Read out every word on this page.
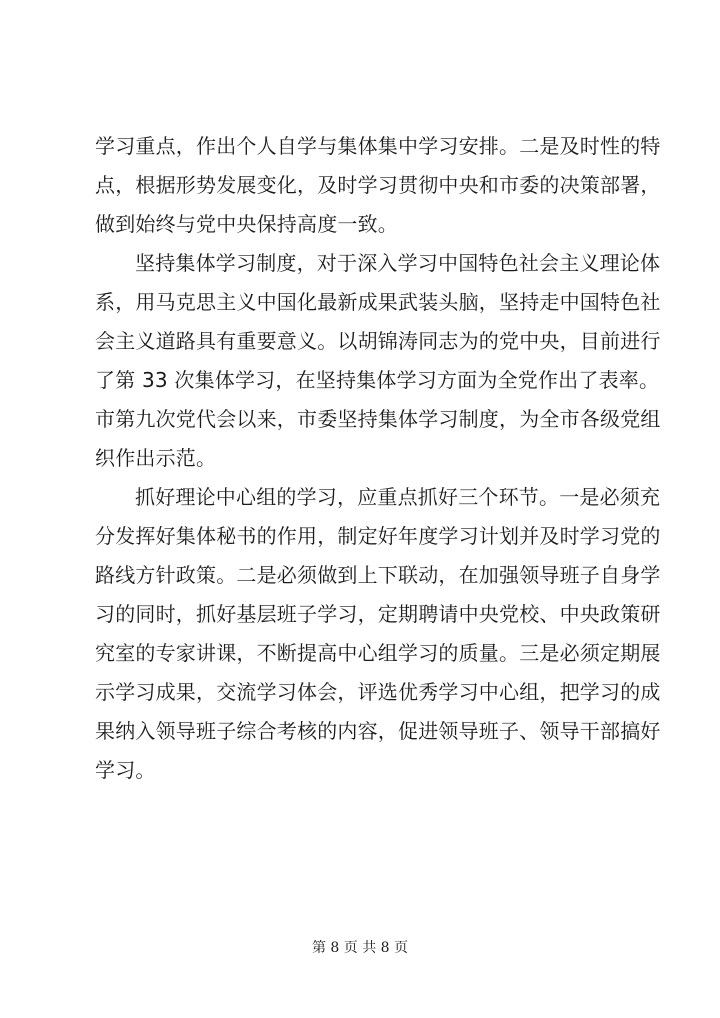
学习重点，作出个人自学与集体集中学习安排。二是及时性的特
点，根据形势发展变化，及时学习贯彻中央和市委的决策部署，
做到始终与党中央保持高度一致。
坚持集体学习制度，对于深入学习中国特色社会主义理论体
系，用马克思主义中国化最新成果武装头脑，坚持走中国特色社
会主义道路具有重要意义。以胡锦涛同志为的党中央，目前进行
了第 33 次集体学习，在坚持集体学习方面为全党作出了表率。
市第九次党代会以来，市委坚持集体学习制度，为全市各级党组
织作出示范。
抓好理论中心组的学习，应重点抓好三个环节。一是必须充
分发挥好集体秘书的作用，制定好年度学习计划并及时学习党的
路线方针政策。二是必须做到上下联动，在加强领导班子自身学
习的同时，抓好基层班子学习，定期聘请中央党校、中央政策研
究室的专家讲课，不断提高中心组学习的质量。三是必须定期展
示学习成果，交流学习体会，评选优秀学习中心组，把学习的成
果纳入领导班子综合考核的内容，促进领导班子、领导干部搞好
学习。
第 8 页 共 8 页
